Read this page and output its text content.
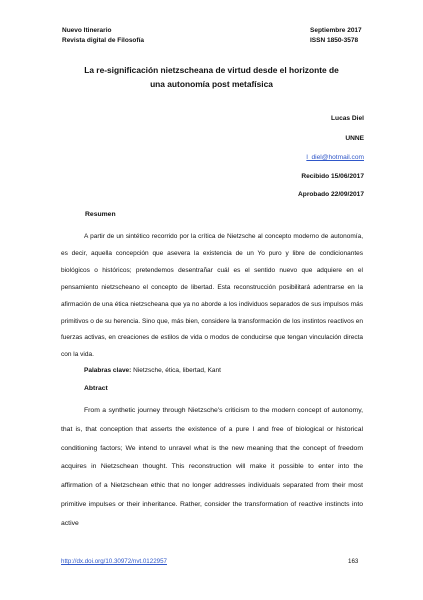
Nuevo Itinerario
Revista digital de Filosofía
Septiembre 2017
ISSN 1850-3578
La re-significación nietzscheana de virtud desde el horizonte de
una autonomía post metafísica
Lucas Diel
UNNE
l_diel@hotmail.com
Recibido 15/06/2017
Aprobado 22/09/2017
Resumen
A partir de un sintético recorrido por la crítica de Nietzsche al concepto moderno de autonomía, es decir, aquella concepción que asevera la existencia de un Yo puro y libre de condicionantes biológicos o históricos; pretendemos desentrañar cuál es el sentido nuevo que adquiere en el pensamiento nietzscheano el concepto de libertad. Esta reconstrucción posibilitará adentrarse en la afirmación de una ética nietzscheana que ya no aborde a los individuos separados de sus impulsos más primitivos o de su herencia. Sino que, más bien, considere la transformación de los instintos reactivos en fuerzas activas, en creaciones de estilos de vida o modos de conducirse que tengan vinculación directa con la vida.
Palabras clave: Nietzsche, ética, libertad, Kant
Abtract
From a synthetic journey through Nietzsche's criticism to the modern concept of autonomy, that is, that conception that asserts the existence of a pure I and free of biological or historical conditioning factors; We intend to unravel what is the new meaning that the concept of freedom acquires in Nietzschean thought. This reconstruction will make it possible to enter into the affirmation of a Nietzschean ethic that no longer addresses individuals separated from their most primitive impulses or their inheritance. Rather, consider the transformation of reactive instincts into active
http://dx.doi.org/10.30972/nvt.0122957	163
